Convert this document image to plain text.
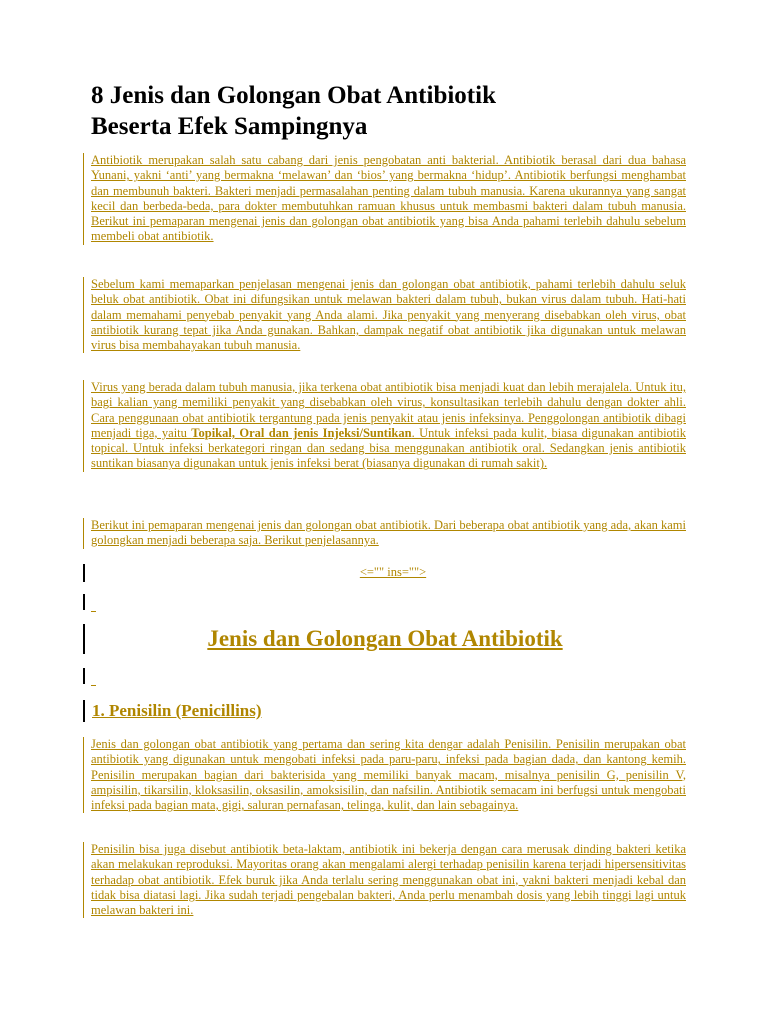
8 Jenis dan Golongan Obat Antibiotik
Beserta Efek Sampingnya

Antibiotik merupakan salah satu cabang dari jenis pengobatan anti bakterial. Antibiotik berasal dari dua bahasa Yunani, yakni ‘anti’ yang bermakna ‘melawan’ dan ‘bios’ yang bermakna ‘hidup’. Antibiotik berfungsi menghambat dan membunuh bakteri. Bakteri menjadi permasalahan penting dalam tubuh manusia. Karena ukurannya yang sangat kecil dan berbeda-beda, para dokter membutuhkan ramuan khusus untuk membasmi bakteri dalam tubuh manusia. Berikut ini pemaparan mengenai jenis dan golongan obat antibiotik yang bisa Anda pahami terlebih dahulu sebelum membeli obat antibiotik.

Sebelum kami memaparkan penjelasan mengenai jenis dan golongan obat antibiotik, pahami terlebih dahulu seluk beluk obat antibiotik. Obat ini difungsikan untuk melawan bakteri dalam tubuh, bukan virus dalam tubuh. Hati-hati dalam memahami penyebab penyakit yang Anda alami. Jika penyakit yang menyerang disebabkan oleh virus, obat antibiotik kurang tepat jika Anda gunakan. Bahkan, dampak negatif obat antibiotik jika digunakan untuk melawan virus bisa membahayakan tubuh manusia.

Virus yang berada dalam tubuh manusia, jika terkena obat antibiotik bisa menjadi kuat dan lebih merajalela. Untuk itu, bagi kalian yang memiliki penyakit yang disebabkan oleh virus, konsultasikan terlebih dahulu dengan dokter ahli. Cara penggunaan obat antibiotik tergantung pada jenis penyakit atau jenis infeksinya. Penggolongan antibiotik dibagi menjadi tiga, yaitu Topikal, Oral dan jenis Injeksi/Suntikan. Untuk infeksi pada kulit, biasa digunakan antibiotik topical. Untuk infeksi berkategori ringan dan sedang bisa menggunakan antibiotik oral. Sedangkan jenis antibiotik suntikan biasanya digunakan untuk jenis infeksi berat (biasanya digunakan di rumah sakit).

Berikut ini pemaparan mengenai jenis dan golongan obat antibiotik. Dari beberapa obat antibiotik yang ada, akan kami golongkan menjadi beberapa saja. Berikut penjelasannya.

<="" ins="">
Jenis dan Golongan Obat Antibiotik
1. Penisilin (Penicillins)

Jenis dan golongan obat antibiotik yang pertama dan sering kita dengar adalah Penisilin. Penisilin merupakan obat antibiotik yang digunakan untuk mengobati infeksi pada paru-paru, infeksi pada bagian dada, dan kantong kemih. Penisilin merupakan bagian dari bakterisida yang memiliki banyak macam, misalnya penisilin G, penisilin V, ampisilin, tikarsilin, kloksasilin, oksasilin, amoksisilin, dan nafsilin. Antibiotik semacam ini berfugsi untuk mengobati infeksi pada bagian mata, gigi, saluran pernafasan, telinga, kulit, dan lain sebagainya.

Penisilin bisa juga disebut antibiotik beta-laktam, antibiotik ini bekerja dengan cara merusak dinding bakteri ketika akan melakukan reproduksi. Mayoritas orang akan mengalami alergi terhadap penisilin karena terjadi hipersensitivitas terhadap obat antibiotik. Efek buruk jika Anda terlalu sering menggunakan obat ini, yakni bakteri menjadi kebal dan tidak bisa diatasi lagi. Jika sudah terjadi pengebalan bakteri, Anda perlu menambah dosis yang lebih tinggi lagi untuk melawan bakteri ini.
